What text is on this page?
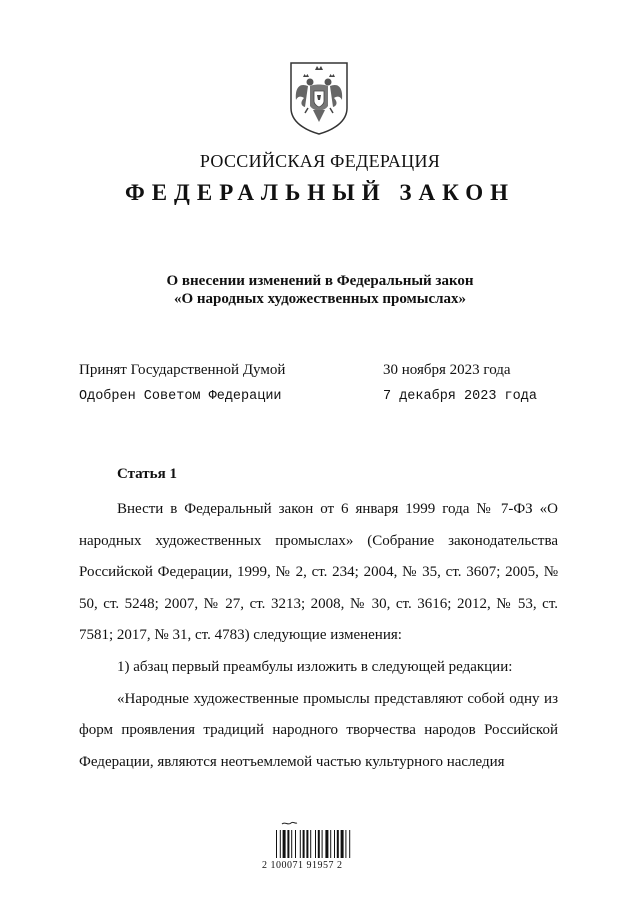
РОССИЙСКАЯ ФЕДЕРАЦИЯ
ФЕДЕРАЛЬНЫЙ ЗАКОН
О внесении изменений в Федеральный закон
«О народных художественных промыслах»
Принят Государственной Думой	30 ноября 2023 года
Одобрен Советом Федерации	7 декабря 2023 года
Статья 1

Внести в Федеральный закон от 6 января 1999 года № 7-ФЗ «О народных художественных промыслах» (Собрание законодательства Российской Федерации, 1999, № 2, ст. 234; 2004, № 35, ст. 3607; 2005, № 50, ст. 5248; 2007, № 27, ст. 3213; 2008, № 30, ст. 3616; 2012, № 53, ст. 7581; 2017, № 31, ст. 4783) следующие изменения:

1) абзац первый преамбулы изложить в следующей редакции:

«Народные художественные промыслы представляют собой одну из форм проявления традиций народного творчества народов Российской Федерации, являются неотъемлемой частью культурного наследия

2 100071 91957 2
